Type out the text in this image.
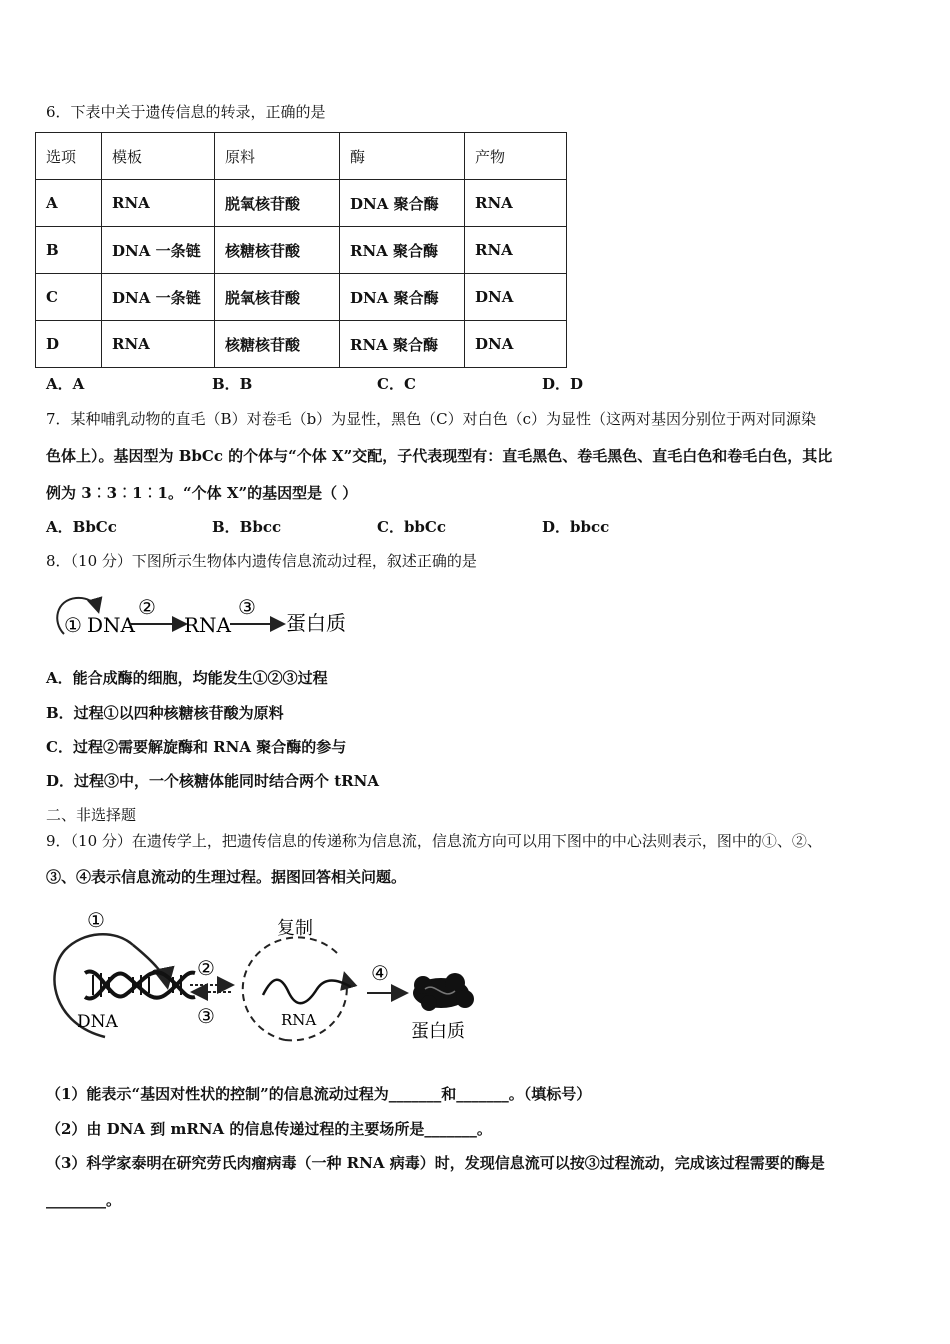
6．下表中关于遗传信息的转录，正确的是
选项	模板	原料	酶	产物
A	RNA	脱氧核苷酸	DNA 聚合酶	RNA
B	DNA 一条链	核糖核苷酸	RNA 聚合酶	RNA
C	DNA 一条链	脱氧核苷酸	DNA 聚合酶	DNA
D	RNA	核糖核苷酸	RNA 聚合酶	DNA
A．A	B．B	C．C	D．D
7．某种哺乳动物的直毛（B）对卷毛（b）为显性，黑色（C）对白色（c）为显性（这两对基因分别位于两对同源染
色体上）。基因型为 BbCc 的个体与“个体 X”交配，子代表现型有：直毛黑色、卷毛黑色、直毛白色和卷毛白色，其比
例为 3︰3︰1︰1。“个体 X”的基因型是（ ）
A．BbCc	B．Bbcc	C．bbCc	D．bbcc
8．（10 分）下图所示生物体内遗传信息流动过程，叙述正确的是
① DNA
②
RNA
③
蛋白质
A．能合成酶的细胞，均能发生①②③过程
B．过程①以四种核糖核苷酸为原料
C．过程②需要解旋酶和 RNA 聚合酶的参与
D．过程③中，一个核糖体能同时结合两个 tRNA
二、非选择题
9．（10 分）在遗传学上，把遗传信息的传递称为信息流，信息流方向可以用下图中的中心法则表示，图中的①、②、
③、④表示信息流动的生理过程。据图回答相关问题。
①
DNA
②
③
复制
RNA
④
蛋白质
（1）能表示“基因对性状的控制”的信息流动过程为_______和_______。（填标号）
（2）由 DNA 到 mRNA 的信息传递过程的主要场所是_______。
（3）科学家泰明在研究劳氏肉瘤病毒（一种 RNA 病毒）时，发现信息流可以按③过程流动，完成该过程需要的酶是
________。
